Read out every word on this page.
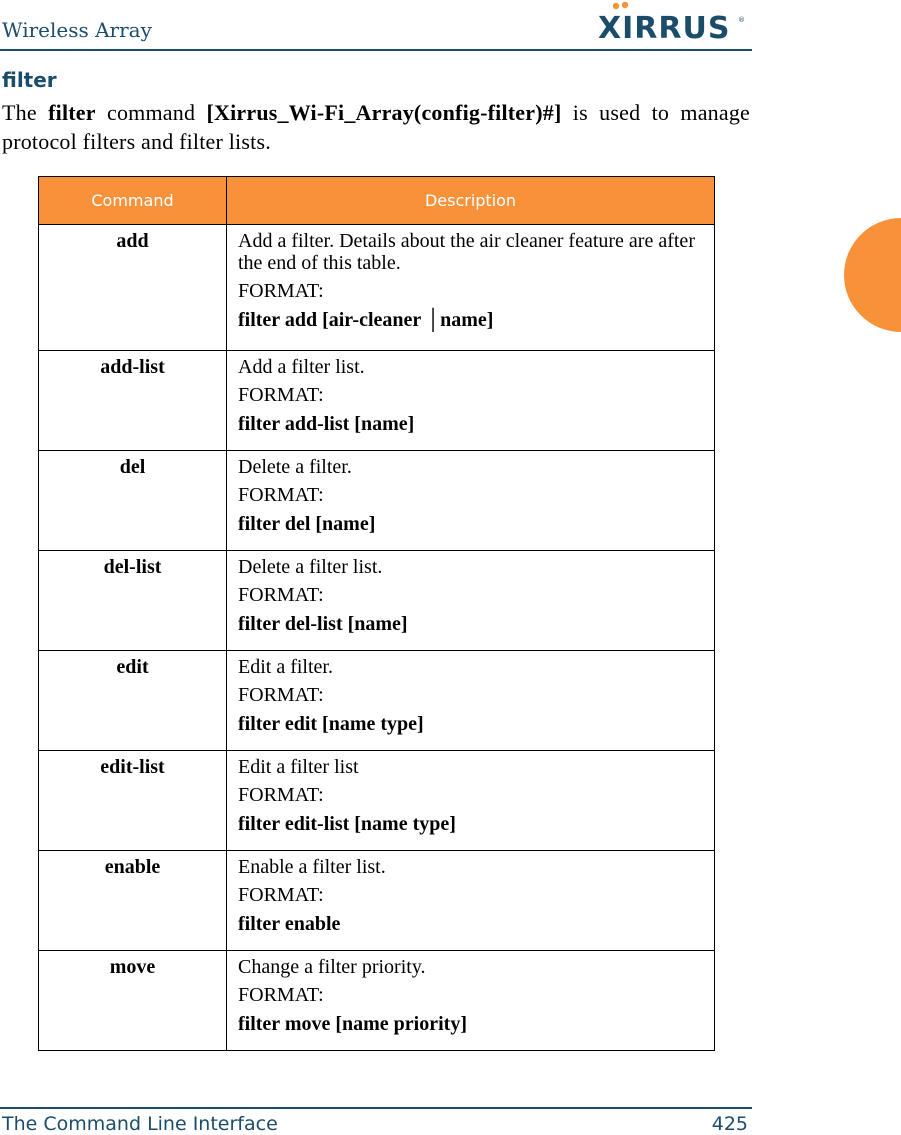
Wireless Array	XIRRUS ®
filter
The filter command [Xirrus_Wi-Fi_Array(config-filter)#] is used to manage protocol filters and filter lists.
Command	Description

add	Add a filter. Details about the air cleaner feature are after the end of this table.
FORMAT:
filter add [air-cleaner │name]

add-list	Add a filter list.
FORMAT:
filter add-list [name]

del	Delete a filter.
FORMAT:
filter del [name]

del-list	Delete a filter list.
FORMAT:
filter del-list [name]

edit	Edit a filter.
FORMAT:
filter edit [name type]

edit-list	Edit a filter list
FORMAT:
filter edit-list [name type]

enable	Enable a filter list.
FORMAT:
filter enable

move	Change a filter priority.
FORMAT:
filter move [name priority]
The Command Line Interface	425
